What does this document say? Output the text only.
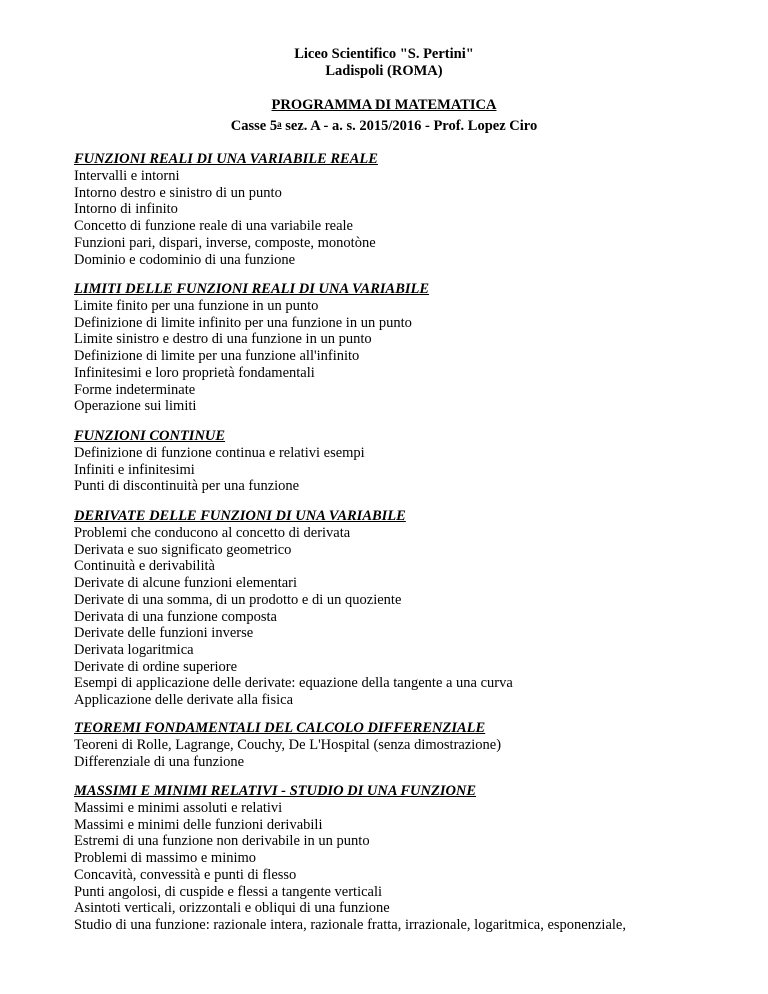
Liceo Scientifico "S. Pertini"
Ladispoli (ROMA)
PROGRAMMA DI MATEMATICA
Casse 5$^a$ sez. A - a. s. 2015/2016 - Prof. Lopez Ciro
FUNZIONI REALI DI UNA VARIABILE REALE
Intervalli e intorni
Intorno destro e sinistro di un punto
Intorno di infinito
Concetto di funzione reale di una variabile reale
Funzioni pari, dispari, inverse, composte, monotòne
Dominio e codominio di una funzione
LIMITI DELLE FUNZIONI REALI DI UNA VARIABILE
Limite finito per una funzione in un punto
Definizione di limite infinito per una funzione in un punto
Limite sinistro e destro di una funzione in un punto
Definizione di limite per una funzione all'infinito
Infinitesimi e loro proprietà fondamentali
Forme indeterminate
Operazione sui limiti
FUNZIONI CONTINUE
Definizione di funzione continua e relativi esempi
Infiniti e infinitesimi
Punti di discontinuità per una funzione
DERIVATE DELLE FUNZIONI DI UNA VARIABILE
Problemi che conducono al concetto di derivata
Derivata e suo significato geometrico
Continuità e derivabilità
Derivate di alcune funzioni elementari
Derivate di una somma, di un prodotto e di un quoziente
Derivata di una funzione composta
Derivate delle funzioni inverse
Derivata logaritmica
Derivate di ordine superiore
Esempi di applicazione delle derivate: equazione della tangente a una curva
Applicazione delle derivate alla fisica
TEOREMI FONDAMENTALI DEL CALCOLO DIFFERENZIALE
Teoreni di Rolle, Lagrange, Couchy, De L'Hospital (senza dimostrazione)
Differenziale di una funzione
MASSIMI E MINIMI RELATIVI - STUDIO DI UNA FUNZIONE
Massimi e minimi assoluti e relativi
Massimi e minimi delle funzioni derivabili
Estremi di una funzione non derivabile in un punto
Problemi di massimo e minimo
Concavità, convessità e punti di flesso
Punti angolosi, di cuspide e flessi a tangente verticali
Asintoti verticali, orizzontali e obliqui di una funzione
Studio di una funzione: razionale intera, razionale fratta, irrazionale, logaritmica, esponenziale,
